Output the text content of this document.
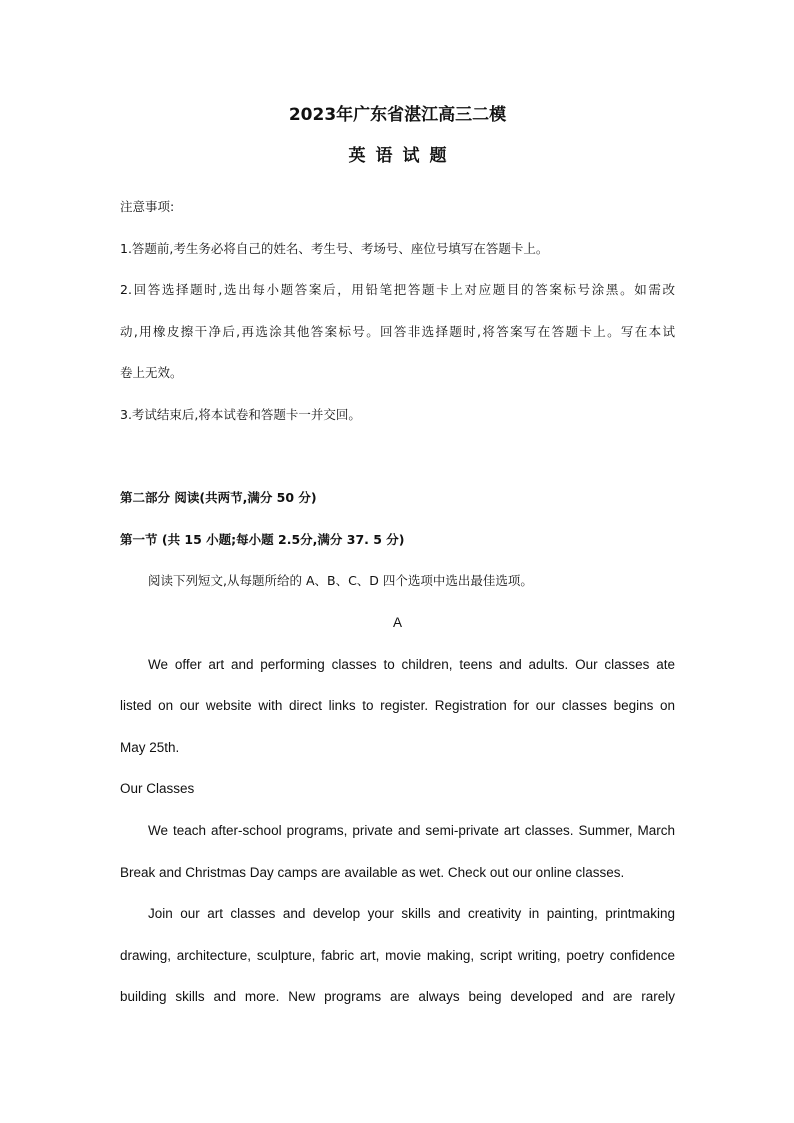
2023年广东省湛江高三二模

英语试题

注意事项:

1.答题前,考生务必将自己的姓名、考生号、考场号、座位号填写在答题卡上。

2.回答选择题时,选出每小题答案后，用铅笔把答题卡上对应题目的答案标号涂黑。如需改

动,用橡皮擦干净后,再选涂其他答案标号。回答非选择题时,将答案写在答题卡上。写在本试

卷上无效。

3.考试结束后,将本试卷和答题卡一并交回。

第二部分 阅读(共两节,满分 50 分)

第一节 (共 15 小题;每小题 2.5分,满分 37. 5 分)

阅读下列短文,从每题所给的 A、B、C、D 四个选项中选出最佳选项。

A

We offer art and performing classes to children, teens and adults. Our classes ate

listed on our website with direct links to register. Registration for our classes begins on

May 25th.

Our Classes

We teach after-school programs, private and semi-private art classes. Summer, March

Break and Christmas Day camps are available as wet. Check out our online classes.

Join our art classes and develop your skills and creativity in painting, printmaking

drawing, architecture, sculpture, fabric art, movie making, script writing, poetry confidence

building skills and more. New programs are always being developed and are rarely
